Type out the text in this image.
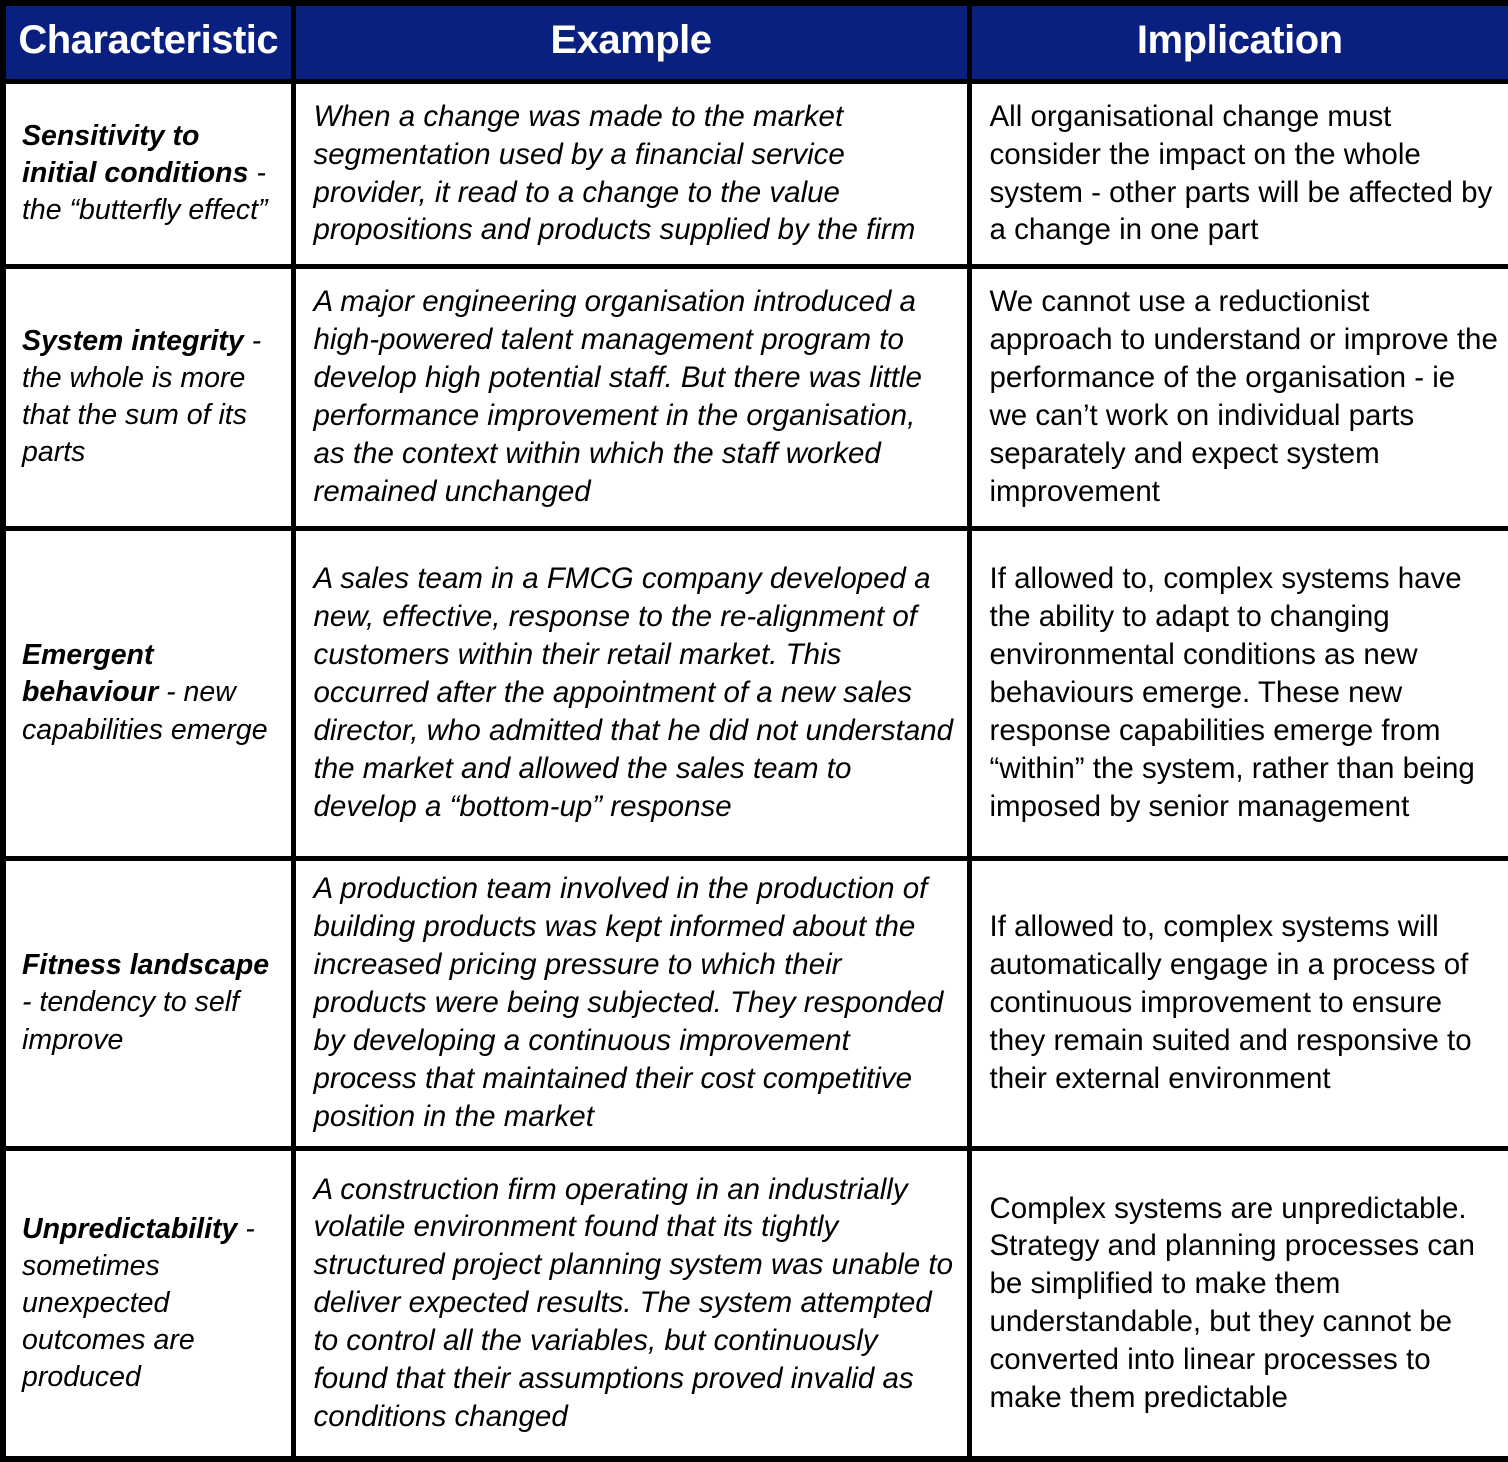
Characteristic	Example	Implication
Sensitivity to initial conditions - the “butterfly effect”	When a change was made to the market segmentation used by a financial service provider, it read to a change to the value propositions and products supplied by the firm	All organisational change must consider the impact on the whole system - other parts will be affected by a change in one part
System integrity - the whole is more that the sum of its parts	A major engineering organisation introduced a high-powered talent management program to develop high potential staff. But there was little performance improvement in the organisation, as the context within which the staff worked remained unchanged	We cannot use a reductionist approach to understand or improve the performance of the organisation - ie we can’t work on individual parts separately and expect system improvement
Emergent behaviour - new capabilities emerge	A sales team in a FMCG company developed a new, effective, response to the re-alignment of customers within their retail market. This occurred after the appointment of a new sales director, who admitted that he did not understand the market and allowed the sales team to develop a “bottom-up” response	If allowed to, complex systems have the ability to adapt to changing environmental conditions as new behaviours emerge. These new response capabilities emerge from “within” the system, rather than being imposed by senior management
Fitness landscape - tendency to self improve	A production team involved in the production of building products was kept informed about the increased pricing pressure to which their products were being subjected. They responded by developing a continuous improvement process that maintained their cost competitive position in the market	If allowed to, complex systems will automatically engage in a process of continuous improvement to ensure they remain suited and responsive to their external environment
Unpredictability - sometimes unexpected outcomes are produced	A construction firm operating in an industrially volatile environment found that its tightly structured project planning system was unable to deliver expected results. The system attempted to control all the variables, but continuously found that their assumptions proved invalid as conditions changed	Complex systems are unpredictable. Strategy and planning processes can be simplified to make them understandable, but they cannot be converted into linear processes to make them predictable
